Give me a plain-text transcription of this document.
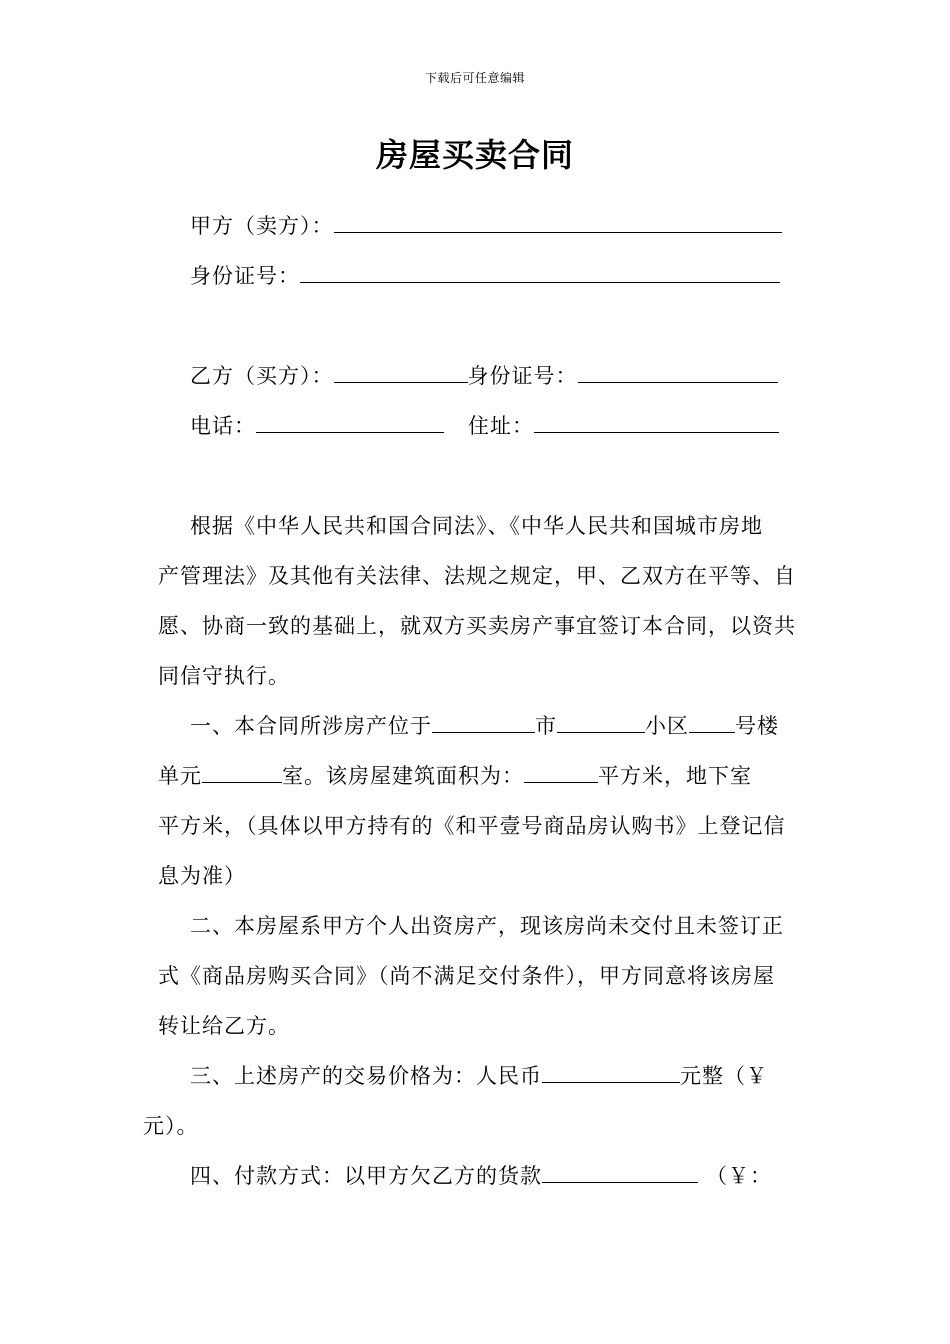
下载后可任意编辑
房屋买卖合同
甲方（卖方）：
身份证号：
乙方（买方）：	身份证号：
电话：	住址：
根据《中华人民共和国合同法》、《中华人民共和国城市房地
产管理法》及其他有关法律、法规之规定，甲、乙双方在平等、自
愿、协商一致的基础上，就双方买卖房产事宜签订本合同，以资共
同信守执行。
一、本合同所涉房产位于	市	小区 号楼
单元	室。该房屋建筑面积为：	平方米，地下室
平方米，（具体以甲方持有的《和平壹号商品房认购书》上登记信
息为准）
二、本房屋系甲方个人出资房产，现该房尚未交付且未签订正
式《商品房购买合同》（尚不满足交付条件），甲方同意将该房屋
转让给乙方。
三、上述房产的交易价格为：人民币	元整（￥
元）。
四、付款方式：以甲方欠乙方的货款	（￥：
